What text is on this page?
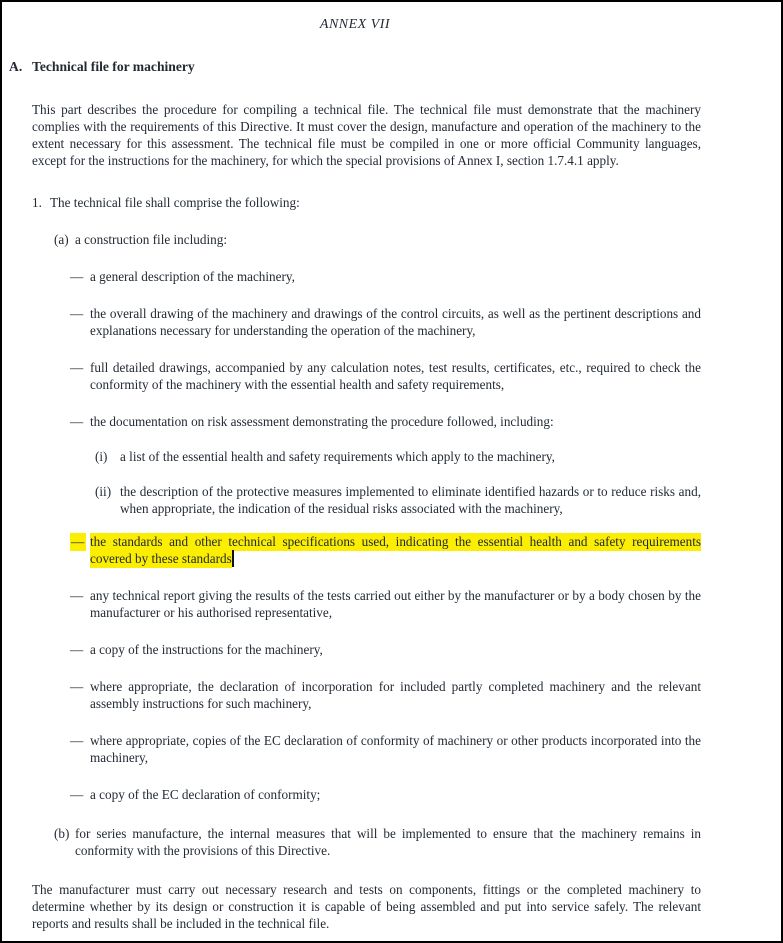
ANNEX VII
A. Technical file for machinery
This part describes the procedure for compiling a technical file. The technical file must demonstrate that the machinery complies with the requirements of this Directive. It must cover the design, manufacture and operation of the machinery to the extent necessary for this assessment. The technical file must be compiled in one or more official Community languages, except for the instructions for the machinery, for which the special provisions of Annex I, section 1.7.4.1 apply.
1. The technical file shall comprise the following:
(a) a construction file including:
— a general description of the machinery,
— the overall drawing of the machinery and drawings of the control circuits, as well as the pertinent descriptions and explanations necessary for understanding the operation of the machinery,
— full detailed drawings, accompanied by any calculation notes, test results, certificates, etc., required to check the conformity of the machinery with the essential health and safety requirements,
— the documentation on risk assessment demonstrating the procedure followed, including:
(i) a list of the essential health and safety requirements which apply to the machinery,
(ii) the description of the protective measures implemented to eliminate identified hazards or to reduce risks and, when appropriate, the indication of the residual risks associated with the machinery,
— the standards and other technical specifications used, indicating the essential health and safety requirements covered by these standards
— any technical report giving the results of the tests carried out either by the manufacturer or by a body chosen by the manufacturer or his authorised representative,
— a copy of the instructions for the machinery,
— where appropriate, the declaration of incorporation for included partly completed machinery and the relevant assembly instructions for such machinery,
— where appropriate, copies of the EC declaration of conformity of machinery or other products incorporated into the machinery,
— a copy of the EC declaration of conformity;
(b) for series manufacture, the internal measures that will be implemented to ensure that the machinery remains in conformity with the provisions of this Directive.
The manufacturer must carry out necessary research and tests on components, fittings or the completed machinery to determine whether by its design or construction it is capable of being assembled and put into service safely. The relevant reports and results shall be included in the technical file.
